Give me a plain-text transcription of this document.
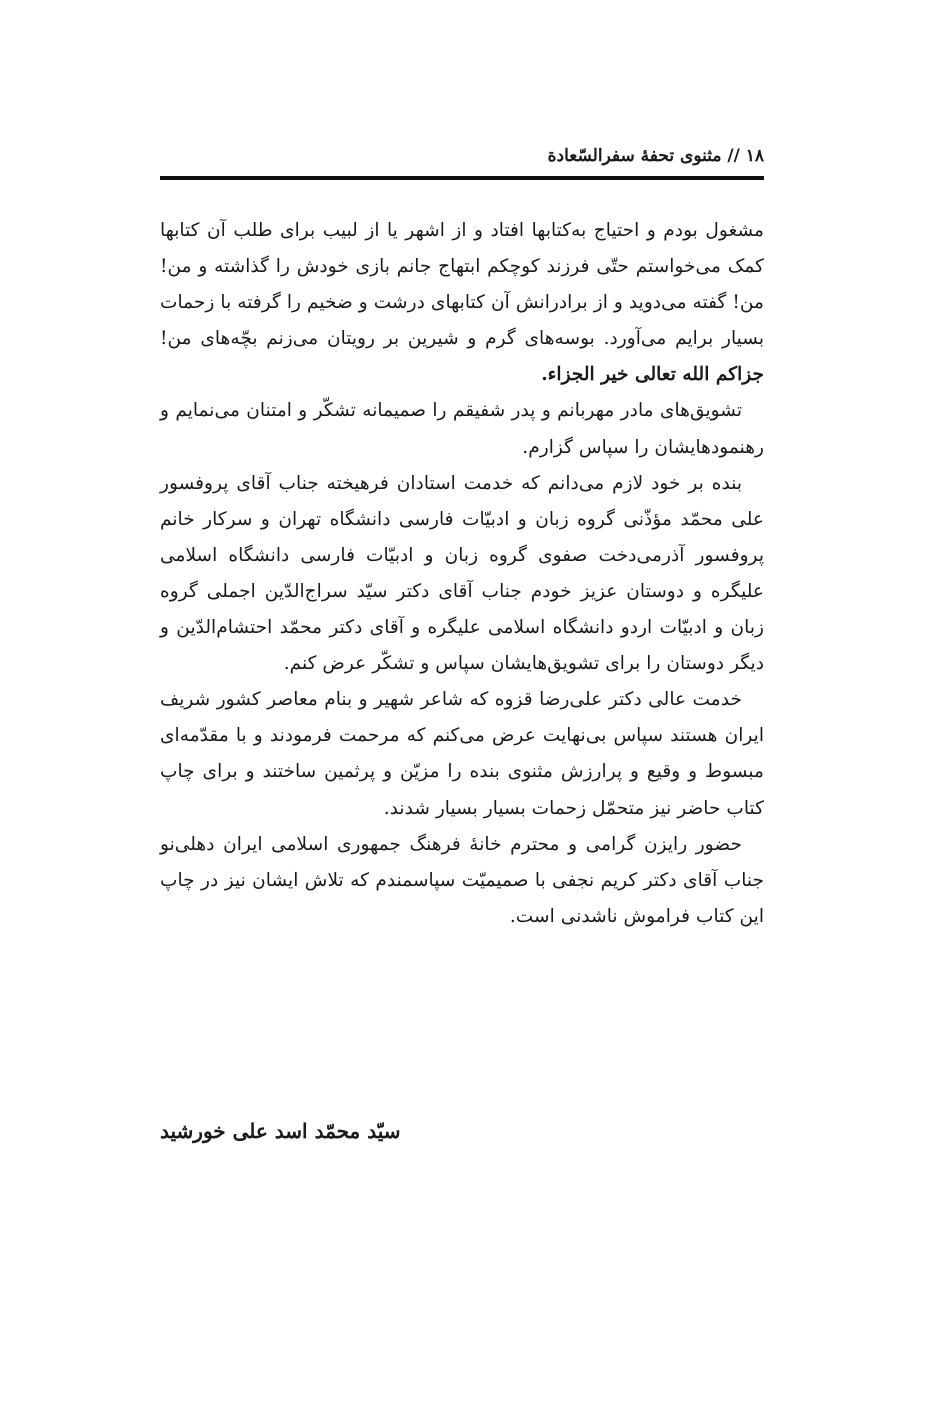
۱۸ // مثنوی تحفهٔ سفرالسّعادة

مشغول بودم و احتیاج به‌کتابها افتاد و از اشهر یا از لبیب برای طلب آن کتابها کمک می‌خواستم حتّی فرزند کوچکم ابتهاج جانم بازی خودش را گذاشته و من! من! گفته می‌دوید و از برادرانش آن کتابهای درشت و ضخیم را گرفته با زحمات بسیار برایم می‌آورد. بوسه‌های گرم و شیرین بر رویتان می‌زنم بچّه‌های من! جزاکم الله تعالی خیر الجزاء.

تشویق‌های مادر مهربانم و پدر شفیقم را صمیمانه تشکّر و امتنان می‌نمایم و رهنمودهایشان را سپاس گزارم.

بنده بر خود لازم می‌دانم که خدمت استادان فرهیخته جناب آقای پروفسور علی محمّد مؤذّنی گروه زبان و ادبیّات فارسی دانشگاه تهران و سرکار خانم پروفسور آذرمی‌دخت صفوی گروه زبان و ادبیّات فارسی دانشگاه اسلامی علیگره و دوستان عزیز خودم جناب آقای دکتر سیّد سراج‌الدّین اجملی گروه زبان و ادبیّات اردو دانشگاه اسلامی علیگره و آقای دکتر محمّد احتشام‌الدّین و دیگر دوستان را برای تشویق‌هایشان سپاس و تشکّر عرض کنم.

خدمت عالی دکتر علی‌رضا قزوه که شاعر شهیر و بنام معاصر کشور شریف ایران هستند سپاس بی‌نهایت عرض می‌کنم که مرحمت فرمودند و با مقدّمه‌ای مبسوط و وقیع و پرارزش مثنوی بنده را مزیّن و پرثمین ساختند و برای چاپ کتاب حاضر نیز متحمّل زحمات بسیار بسیار شدند.

حضور رایزن گرامی و محترم خانهٔ فرهنگ جمهوری اسلامی ایران دهلی‌نو جناب آقای دکتر کریم نجفی با صمیمیّت سپاسمندم که تلاش ایشان نیز در چاپ این کتاب فراموش ناشدنی است.

سیّد محمّد اسد علی خورشید
